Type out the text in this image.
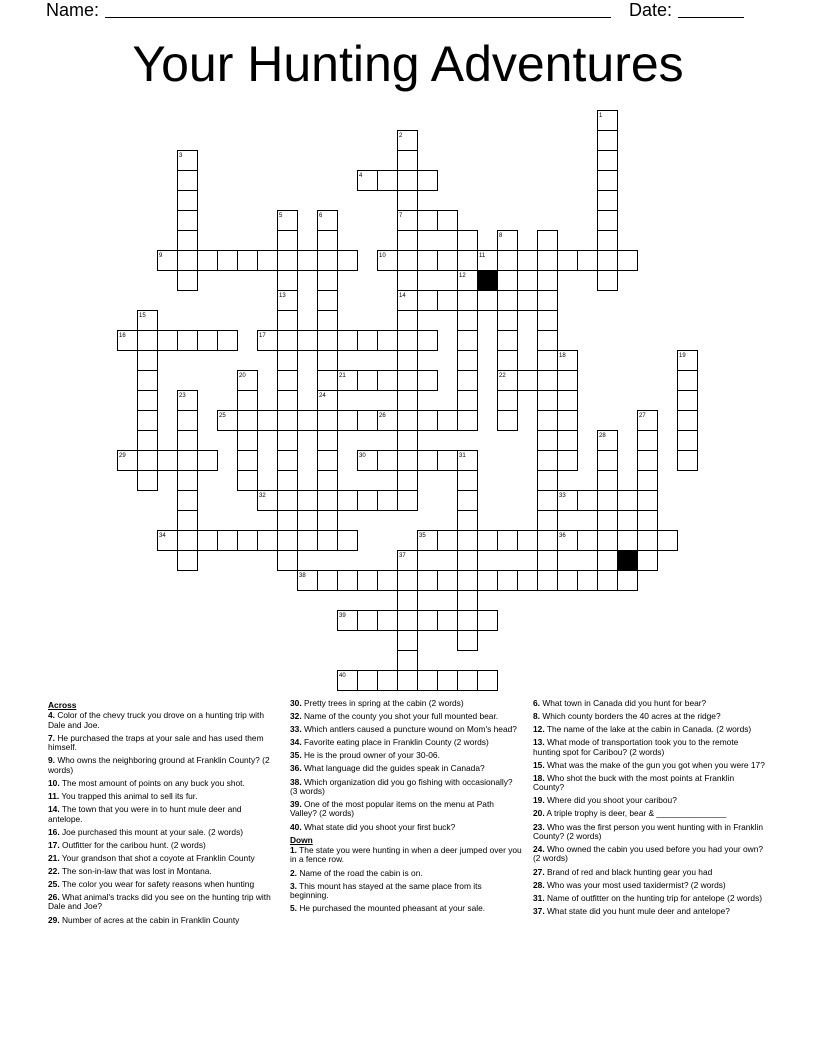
Name:	Date:
Your Hunting Adventures
1
2
3
4
5	6	7
8
9	10	11
12
13	14
15
16	17
18	19
20	21	22
23	24
25	26	27
28
29	30	31
32	33
34	35	36
37
38
39
40
Across
4. Color of the chevy truck you drove on a hunting trip with Dale and Joe.
7. He purchased the traps at your sale and has used them himself.
9. Who owns the neighboring ground at Franklin County? (2 words)
10. The most amount of points on any buck you shot.
11. You trapped this animal to sell its fur.
14. The town that you were in to hunt mule deer and antelope.
16. Joe purchased this mount at your sale. (2 words)
17. Outfitter for the caribou hunt. (2 words)
21. Your grandson that shot a coyote at Franklin County
22. The son-in-law that was lost in Montana.
25. The color you wear for safety reasons when hunting
26. What animal's tracks did you see on the hunting trip with Dale and Joe?
29. Number of acres at the cabin in Franklin County
30. Pretty trees in spring at the cabin (2 words)
32. Name of the county you shot your full mounted bear.
33. Which antlers caused a puncture wound on Mom's head?
34. Favorite eating place in Franklin County (2 words)
35. He is the proud owner of your 30-06.
36. What language did the guides speak in Canada?
38. Which organization did you go fishing with occasionally? (3 words)
39. One of the most popular items on the menu at Path Valley? (2 words)
40. What state did you shoot your first buck?
Down
1. The state you were hunting in when a deer jumped over you in a fence row.
2. Name of the road the cabin is on.
3. This mount has stayed at the same place from its beginning.
5. He purchased the mounted pheasant at your sale.
6. What town in Canada did you hunt for bear?
8. Which county borders the 40 acres at the ridge?
12. The name of the lake at the cabin in Canada. (2 words)
13. What mode of transportation took you to the remote hunting spot for Caribou? (2 words)
15. What was the make of the gun you got when you were 17?
18. Who shot the buck with the most points at Franklin County?
19. Where did you shoot your caribou?
20. A triple trophy is deer, bear & _______________
23. Who was the first person you went hunting with in Franklin County? (2 words)
24. Who owned the cabin you used before you had your own? (2 words)
27. Brand of red and black hunting gear you had
28. Who was your most used taxidermist? (2 words)
31. Name of outfitter on the hunting trip for antelope (2 words)
37. What state did you hunt mule deer and antelope?
